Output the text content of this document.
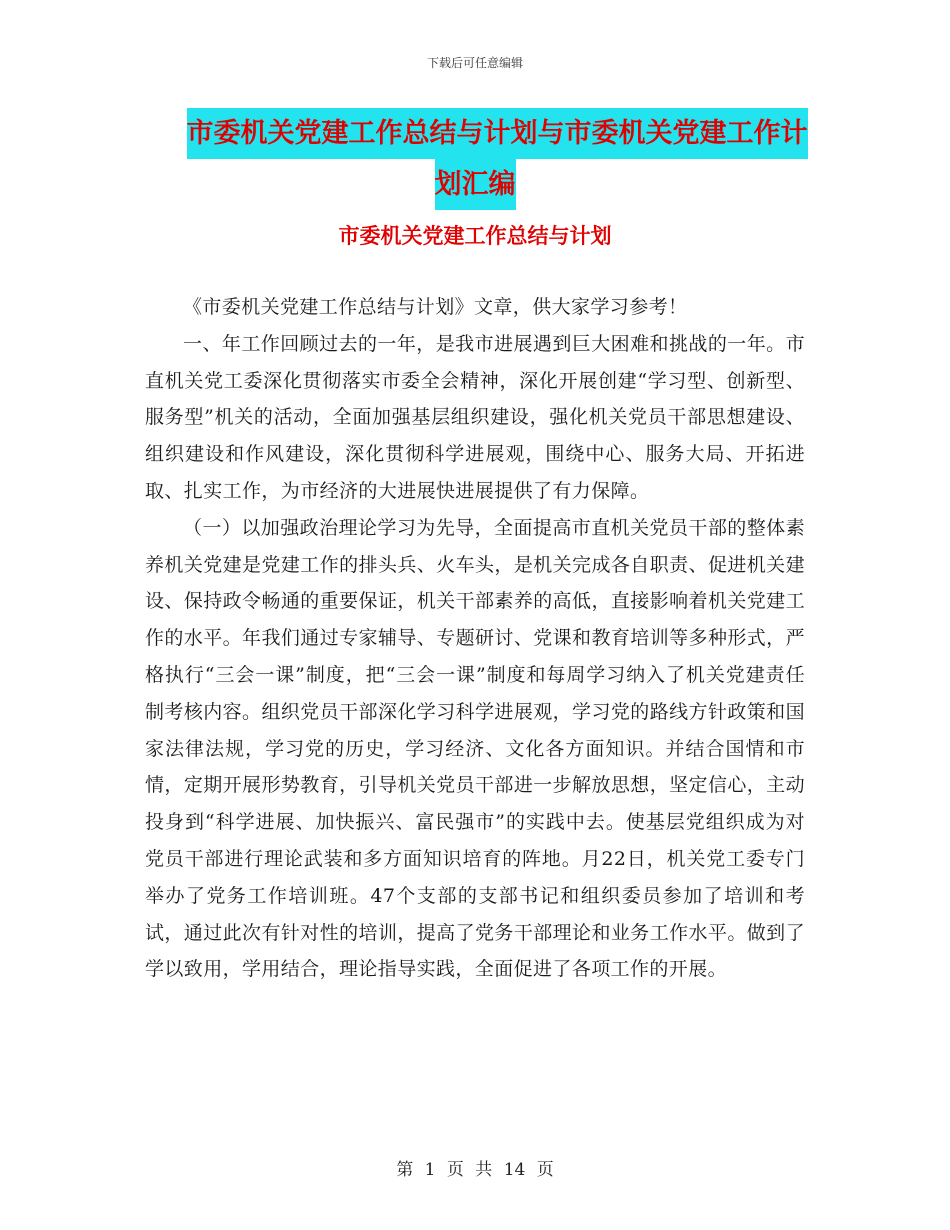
下载后可任意编辑
市委机关党建工作总结与计划与市委机关党建工作计
划汇编
市委机关党建工作总结与计划

《市委机关党建工作总结与计划》文章，供大家学习参考！

一、年工作回顾过去的一年，是我市进展遇到巨大困难和挑战的一年。市直机关党工委深化贯彻落实市委全会精神，深化开展创建“学习型、创新型、服务型”机关的活动，全面加强基层组织建设，强化机关党员干部思想建设、组织建设和作风建设，深化贯彻科学进展观，围绕中心、服务大局、开拓进取、扎实工作，为市经济的大进展快进展提供了有力保障。

（一）以加强政治理论学习为先导，全面提高市直机关党员干部的整体素养机关党建是党建工作的排头兵、火车头，是机关完成各自职责、促进机关建设、保持政令畅通的重要保证，机关干部素养的高低，直接影响着机关党建工作的水平。年我们通过专家辅导、专题研讨、党课和教育培训等多种形式，严格执行“三会一课”制度，把“三会一课”制度和每周学习纳入了机关党建责任制考核内容。组织党员干部深化学习科学进展观，学习党的路线方针政策和国家法律法规，学习党的历史，学习经济、文化各方面知识。并结合国情和市情，定期开展形势教育，引导机关党员干部进一步解放思想，坚定信心，主动投身到“科学进展、加快振兴、富民强市”的实践中去。使基层党组织成为对党员干部进行理论武装和多方面知识培育的阵地。月22日，机关党工委专门举办了党务工作培训班。47个支部的支部书记和组织委员参加了培训和考试，通过此次有针对性的培训，提高了党务干部理论和业务工作水平。做到了学以致用，学用结合，理论指导实践，全面促进了各项工作的开展。

第 1 页 共 14 页
